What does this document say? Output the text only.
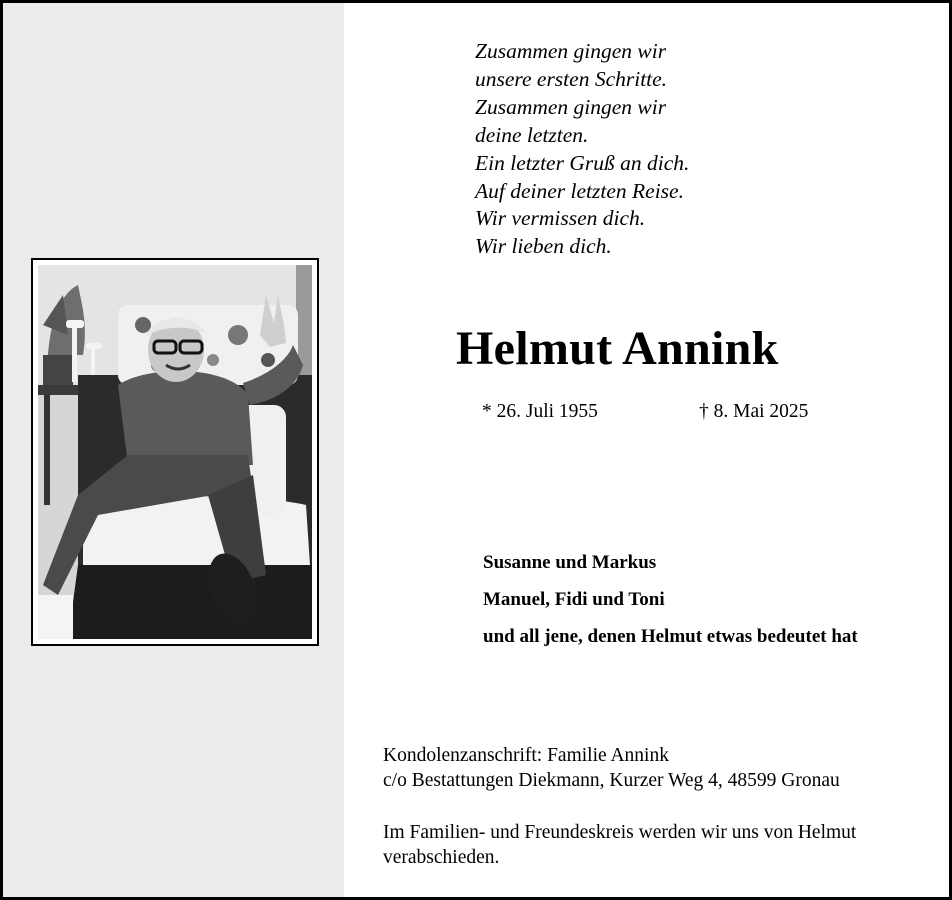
Zusammen gingen wir
unsere ersten Schritte.
Zusammen gingen wir
deine letzten.
Ein letzter Gruß an dich.
Auf deiner letzten Reise.
Wir vermissen dich.
Wir lieben dich.
Helmut Annink
* 26. Juli 1955	† 8. Mai 2025
Susanne und Markus
Manuel, Fidi und Toni
und all jene, denen Helmut etwas bedeutet hat
Kondolenzanschrift: Familie Annink
c/o Bestattungen Diekmann, Kurzer Weg 4, 48599 Gronau
Im Familien- und Freundeskreis werden wir uns von Helmut verabschieden.
